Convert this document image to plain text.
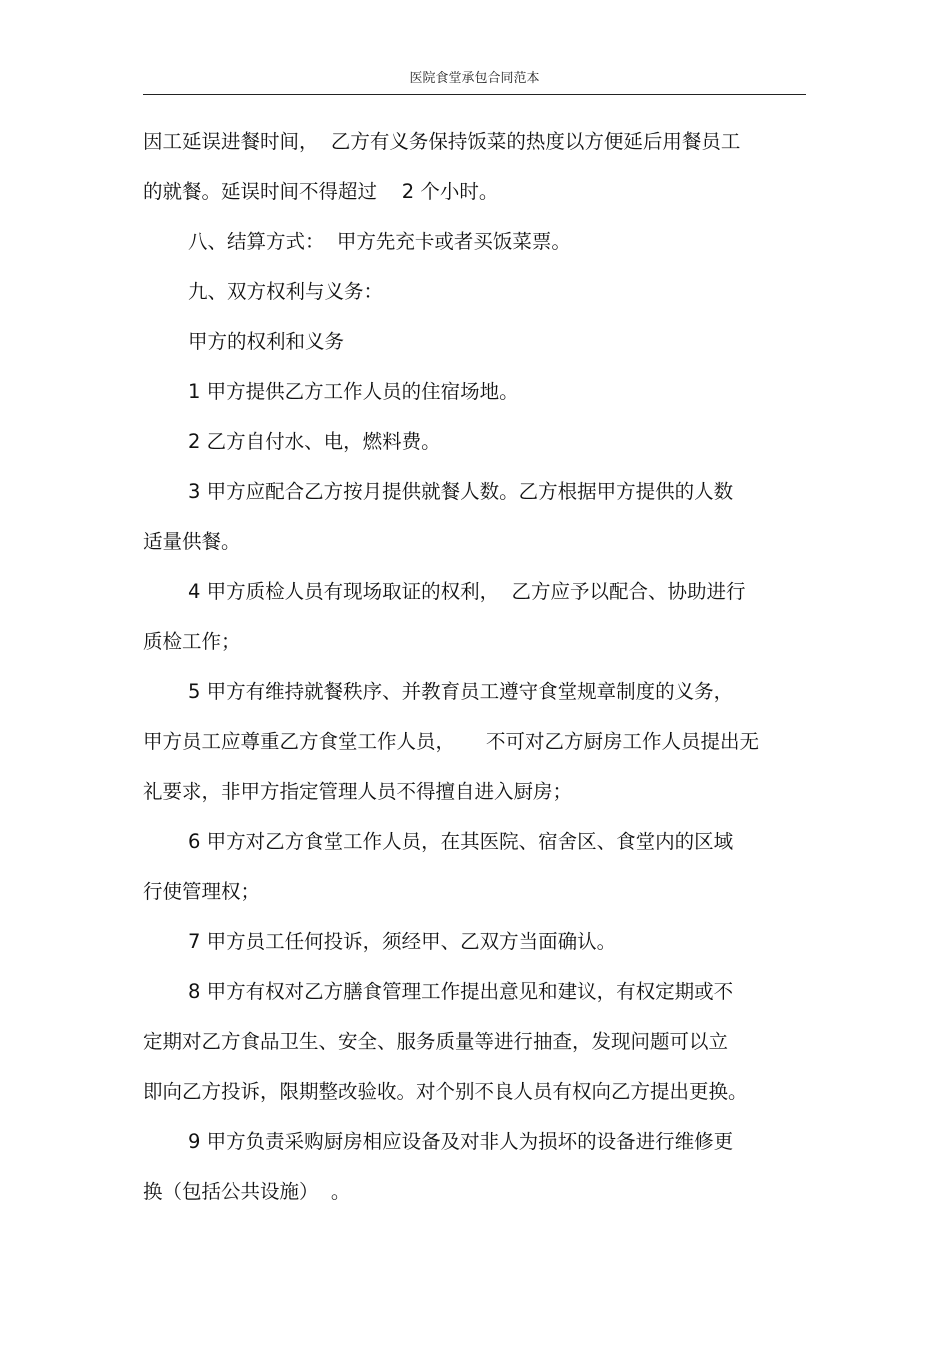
医院食堂承包合同范本
因工延误进餐时间，  乙方有义务保持饭菜的热度以方便延后用餐员工
的就餐。延误时间不得超过    2 个小时。
八、结算方式：  甲方先充卡或者买饭菜票。
九、双方权利与义务：
甲方的权利和义务
1 甲方提供乙方工作人员的住宿场地。
2 乙方自付水、电，燃料费。
3 甲方应配合乙方按月提供就餐人数。乙方根据甲方提供的人数
适量供餐。
4 甲方质检人员有现场取证的权利，  乙方应予以配合、协助进行
质检工作；
5 甲方有维持就餐秩序、并教育员工遵守食堂规章制度的义务，
甲方员工应尊重乙方食堂工作人员，     不可对乙方厨房工作人员提出无
礼要求，非甲方指定管理人员不得擅自进入厨房；
6 甲方对乙方食堂工作人员，在其医院、宿舍区、食堂内的区域
行使管理权；
7 甲方员工任何投诉，须经甲、乙双方当面确认。
8 甲方有权对乙方膳食管理工作提出意见和建议，有权定期或不
定期对乙方食品卫生、安全、服务质量等进行抽查，发现问题可以立
即向乙方投诉，限期整改验收。对个别不良人员有权向乙方提出更换。
9 甲方负责采购厨房相应设备及对非人为损坏的设备进行维修更
换（包括公共设施）  。
